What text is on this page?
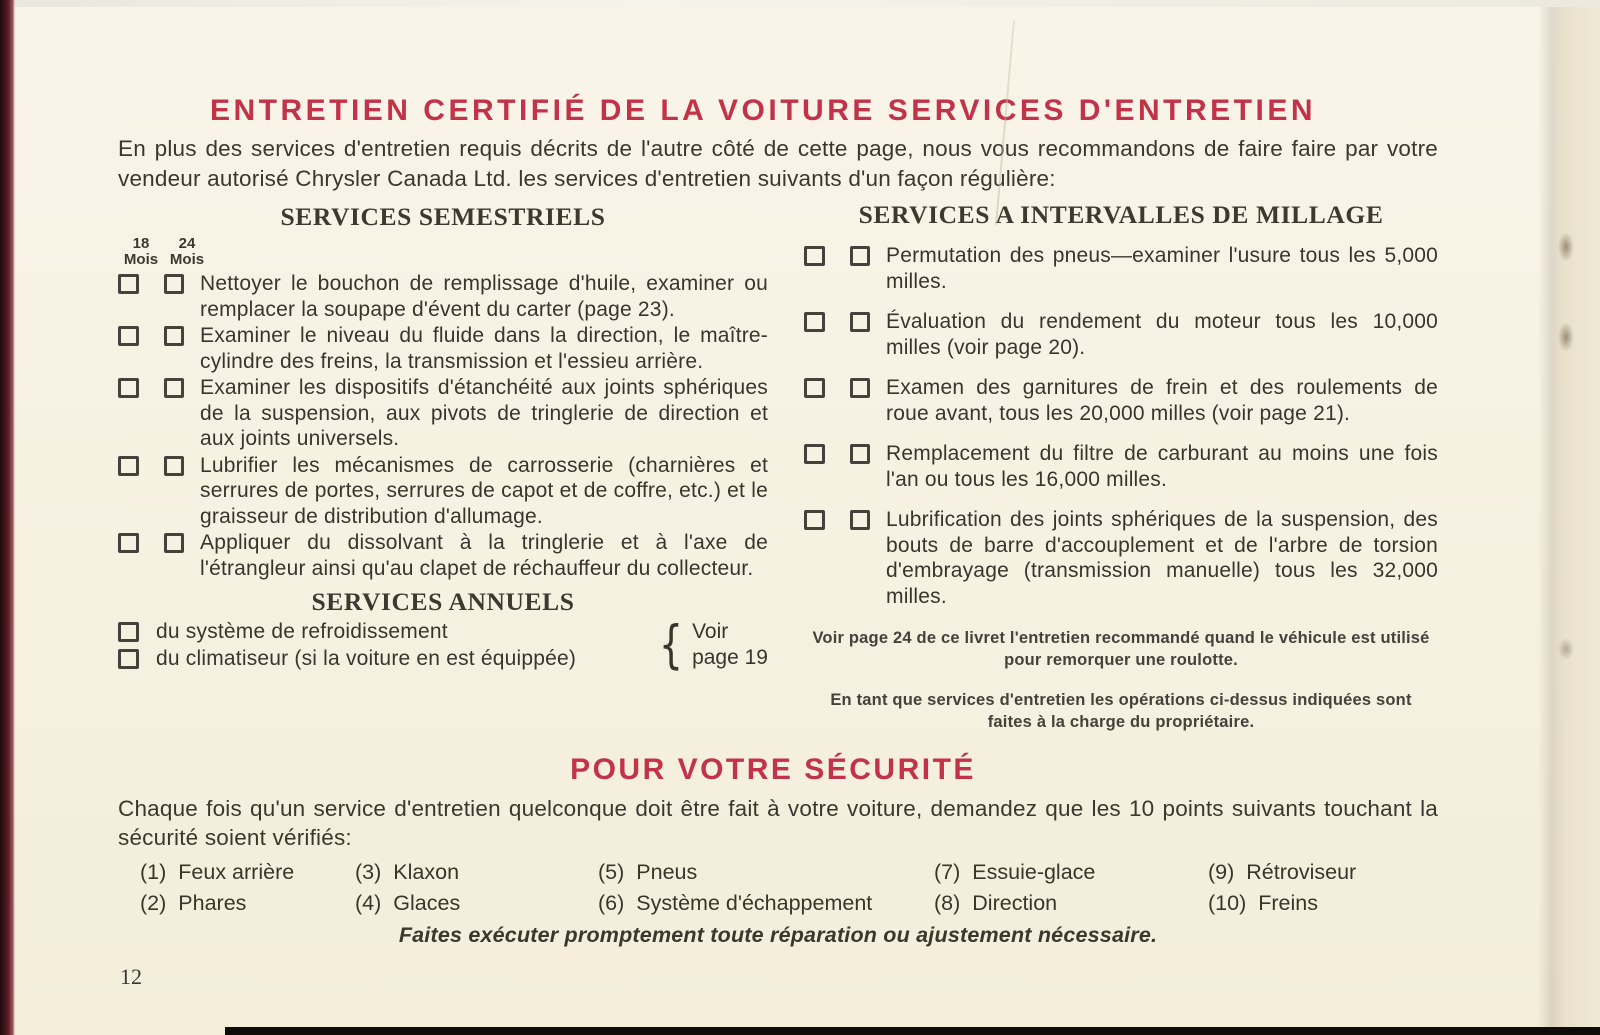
ENTRETIEN CERTIFIÉ DE LA VOITURE SERVICES D'ENTRETIEN

En plus des services d'entretien requis décrits de l'autre côté de cette page, nous vous recommandons de faire faire par votre vendeur autorisé Chrysler Canada Ltd. les services d'entretien suivants d'un façon régulière:

SERVICES SEMESTRIELS
18
Mois
24
Mois
Nettoyer le bouchon de remplissage d'huile, examiner ou remplacer la soupape d'évent du carter (page 23).
Examiner le niveau du fluide dans la direction, le maître-cylindre des freins, la transmission et l'essieu arrière.
Examiner les dispositifs d'étanchéité aux joints sphériques de la suspension, aux pivots de tringlerie de direction et aux joints universels.
Lubrifier les mécanismes de carrosserie (charnières et serrures de portes, serrures de capot et de coffre, etc.) et le graisseur de distribution d'allumage.
Appliquer du dissolvant à la tringlerie et à l'axe de l'étrangleur ainsi qu'au clapet de réchauffeur du collecteur.
SERVICES ANNUELS
du système de refroidissement
du climatiseur (si la voiture en est équippée)	{ Voir
page 19
SERVICES A INTERVALLES DE MILLAGE
Permutation des pneus—examiner l'usure tous les 5,000 milles.
Évaluation du rendement du moteur tous les 10,000 milles (voir page 20).
Examen des garnitures de frein et des roulements de roue avant, tous les 20,000 milles (voir page 21).
Remplacement du filtre de carburant au moins une fois l'an ou tous les 16,000 milles.
Lubrification des joints sphériques de la suspension, des bouts de barre d'accouplement et de l'arbre de torsion d'embrayage (transmission manuelle) tous les 32,000 milles.

Voir page 24 de ce livret l'entretien recommandé quand le véhicule est utilisé pour remorquer une roulotte.

En tant que services d'entretien les opérations ci-dessus indiquées sont faites à la charge du propriétaire.

POUR VOTRE SÉCURITÉ

Chaque fois qu'un service d'entretien quelconque doit être fait à votre voiture, demandez que les 10 points suivants touchant la sécurité soient vérifiés:

(1) Feux arrière	(3) Klaxon	(5) Pneus	(7) Essuie-glace	(9) Rétroviseur
(2) Phares	(4) Glaces	(6) Système d'échappement	(8) Direction	(10) Freins

Faites exécuter promptement toute réparation ou ajustement nécessaire.

12
